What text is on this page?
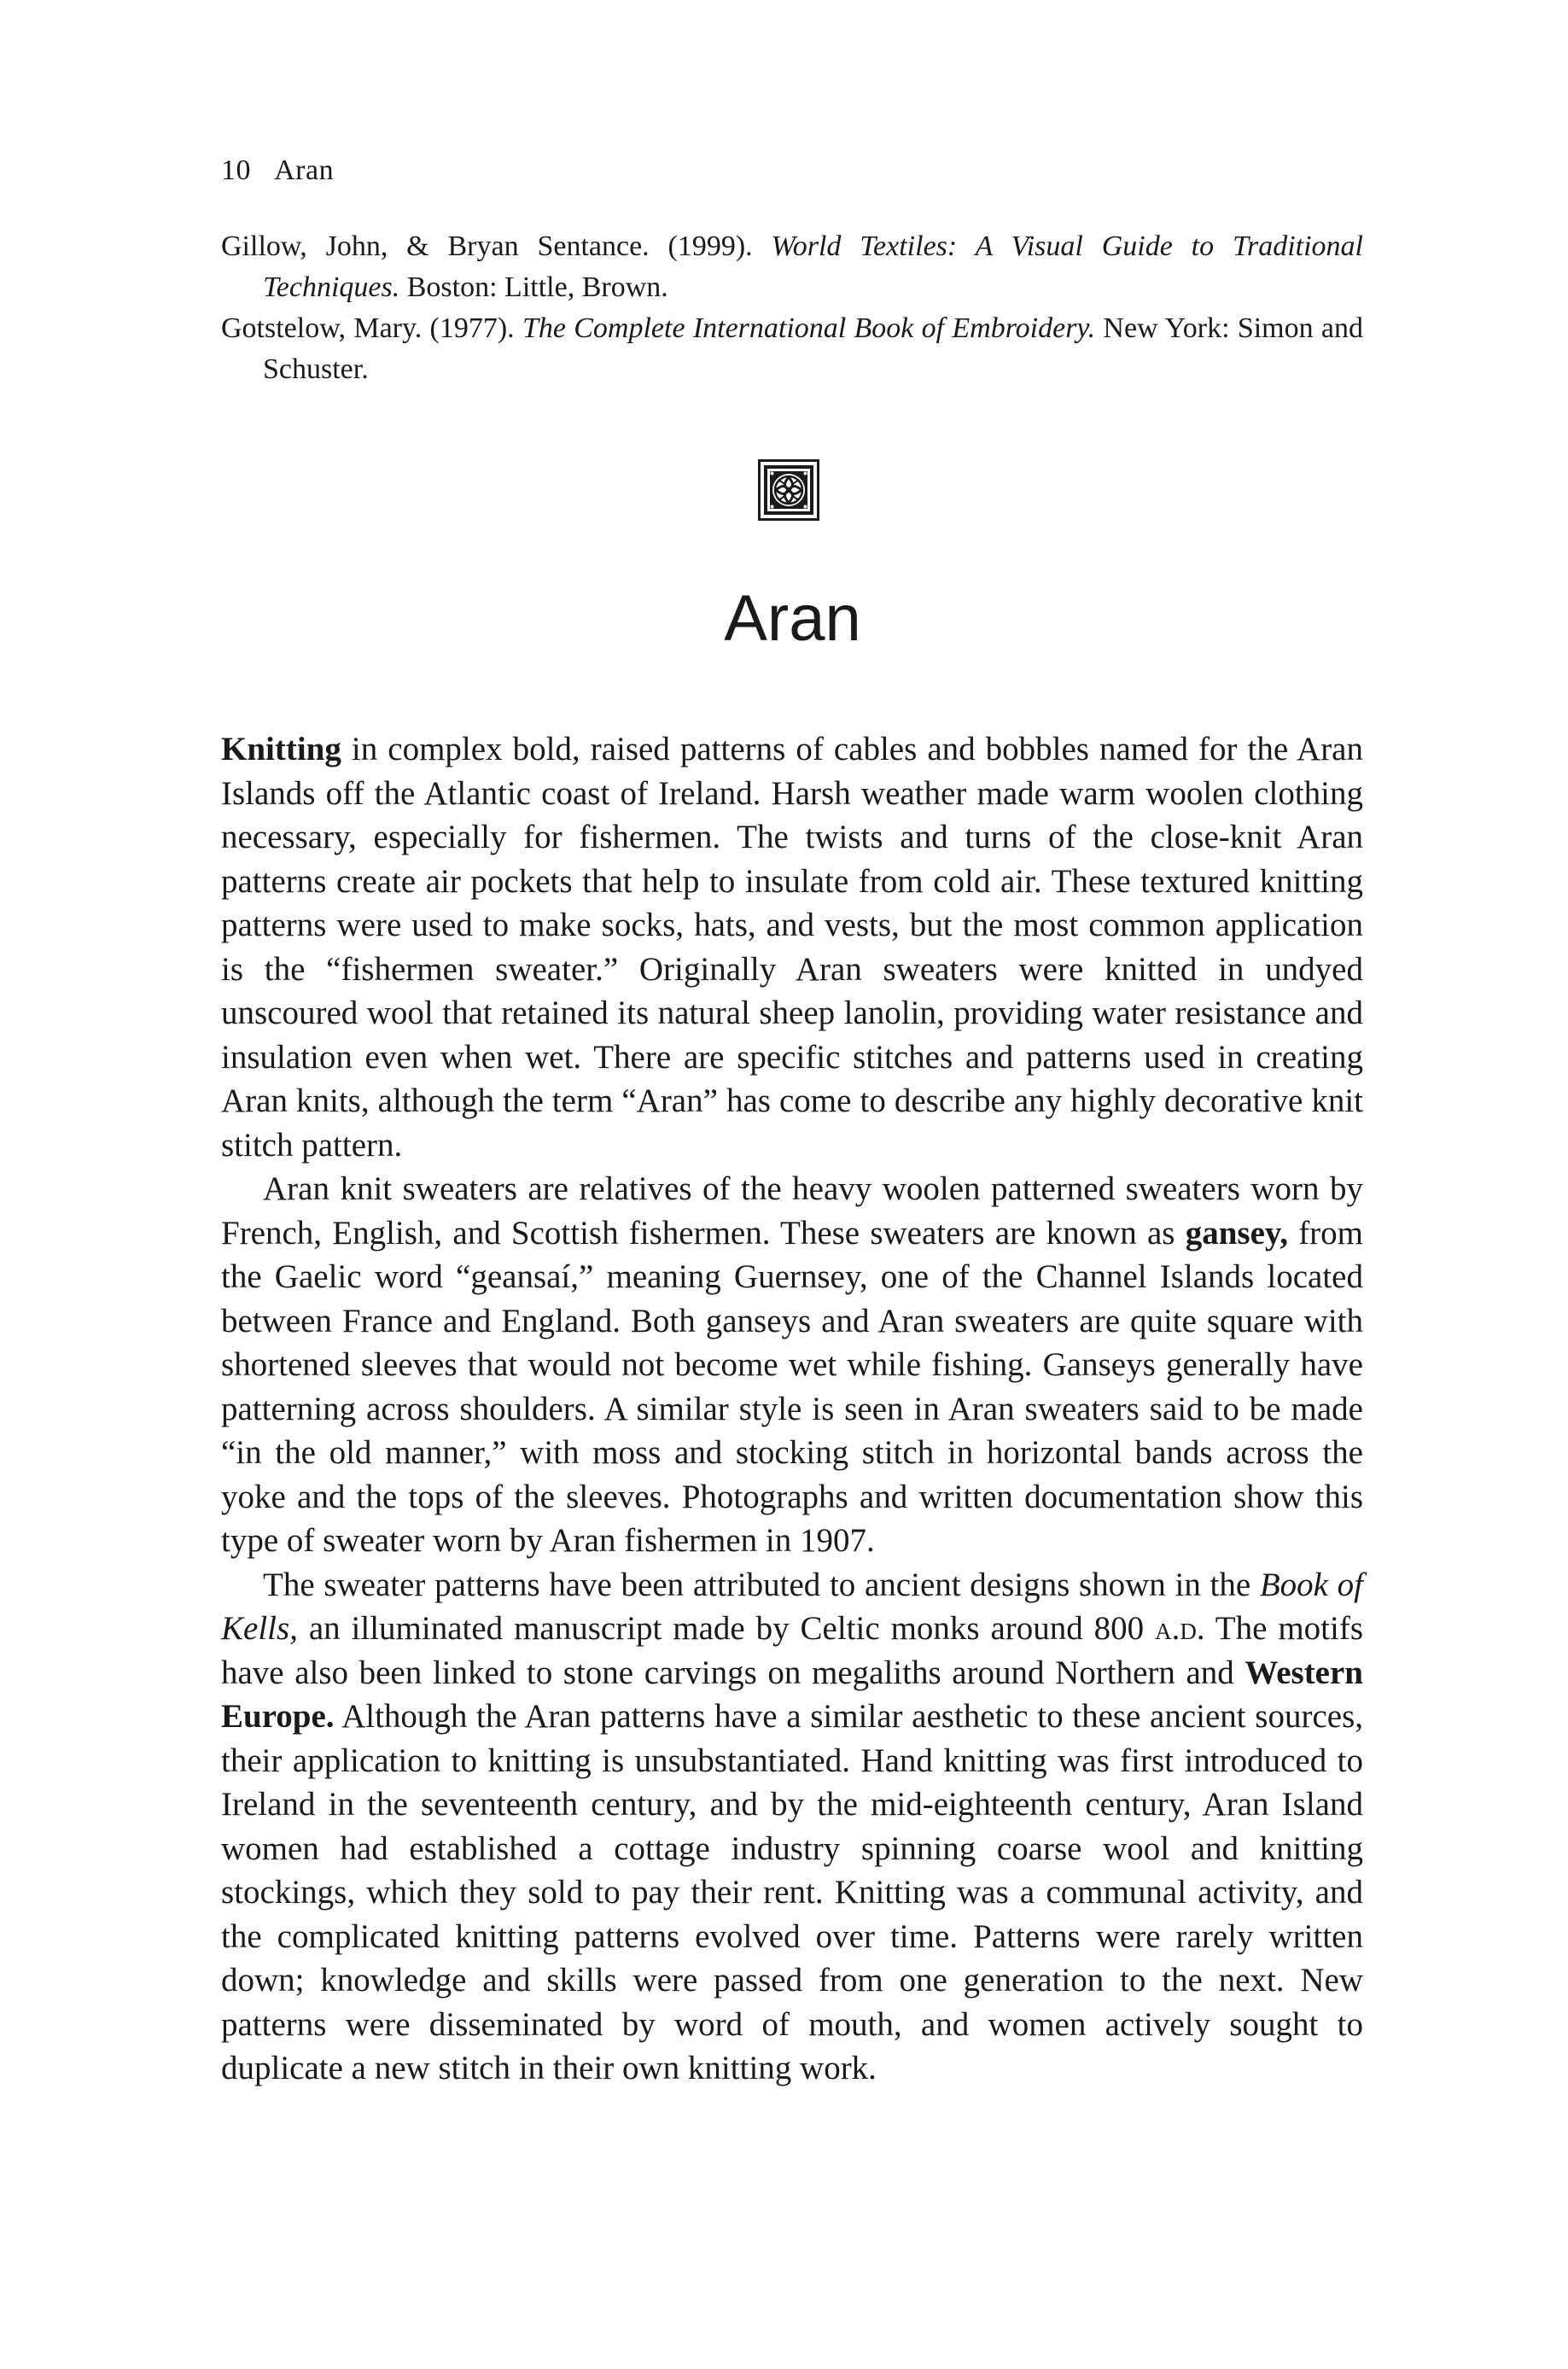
10 Aran

Gillow, John, & Bryan Sentance. (1999). World Textiles: A Visual Guide to Traditional Techniques. Boston: Little, Brown.

Gotstelow, Mary. (1977). The Complete International Book of Embroidery. New York: Simon and Schuster.

Aran

Knitting in complex bold, raised patterns of cables and bobbles named for the Aran Islands off the Atlantic coast of Ireland. Harsh weather made warm woolen clothing necessary, especially for fishermen. The twists and turns of the close-knit Aran patterns create air pockets that help to insulate from cold air. These textured knitting patterns were used to make socks, hats, and vests, but the most common application is the “fishermen sweater.” Originally Aran sweaters were knitted in undyed unscoured wool that retained its natural sheep lanolin, providing water resistance and insulation even when wet. There are specific stitches and patterns used in creating Aran knits, although the term “Aran” has come to describe any highly decorative knit stitch pattern.

Aran knit sweaters are relatives of the heavy woolen patterned sweaters worn by French, English, and Scottish fishermen. These sweaters are known as gansey, from the Gaelic word “geansaí,” meaning Guernsey, one of the Channel Islands located between France and England. Both ganseys and Aran sweaters are quite square with shortened sleeves that would not become wet while fishing. Ganseys generally have patterning across shoulders. A similar style is seen in Aran sweaters said to be made “in the old manner,” with moss and stocking stitch in horizontal bands across the yoke and the tops of the sleeves. Photographs and written documentation show this type of sweater worn by Aran fishermen in 1907.

The sweater patterns have been attributed to ancient designs shown in the Book of Kells, an illuminated manuscript made by Celtic monks around 800 a.d. The motifs have also been linked to stone carvings on megaliths around Northern and Western Europe. Although the Aran patterns have a similar aesthetic to these ancient sources, their application to knitting is unsubstantiated. Hand knitting was first introduced to Ireland in the seventeenth century, and by the mid-eighteenth century, Aran Island women had established a cottage industry spinning coarse wool and knitting stockings, which they sold to pay their rent. Knitting was a communal activity, and the complicated knitting patterns evolved over time. Patterns were rarely written down; knowledge and skills were passed from one generation to the next. New patterns were disseminated by word of mouth, and women actively sought to duplicate a new stitch in their own knitting work.
